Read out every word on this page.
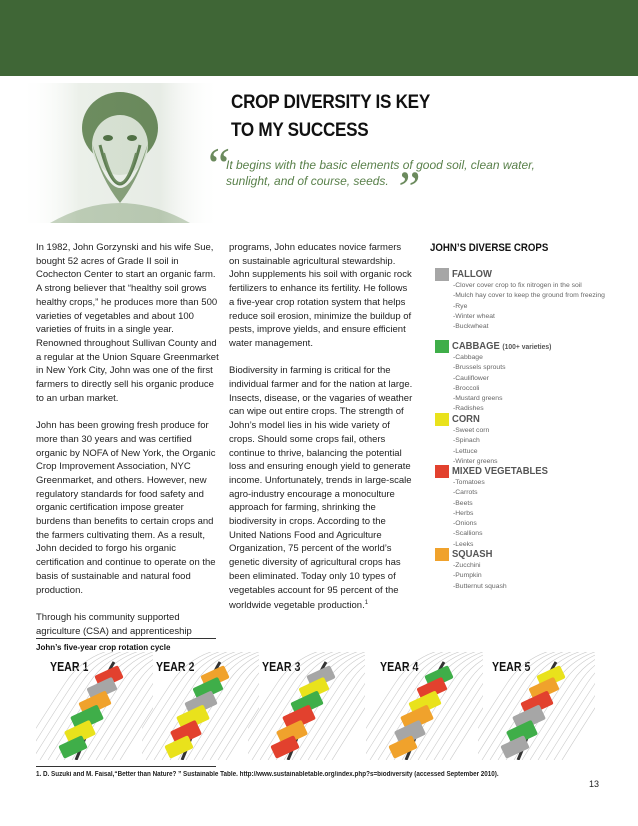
CROP DIVERSITY IS KEY
TO MY SUCCESS
“
It begins with the basic elements of good soil, clean water, sunlight, and of course, seeds. ”

In 1982, John Gorzynski and his wife Sue, bought 52 acres of Grade II soil in Cochecton Center to start an organic farm. A strong believer that “healthy soil grows healthy crops,” he produces more than 500 varieties of vegetables and about 100 varieties of fruits in a single year. Renowned throughout Sullivan County and a regular at the Union Square Greenmarket in New York City, John was one of the first farmers to directly sell his organic produce to an urban market.

John has been growing fresh produce for more than 30 years and was certified organic by NOFA of New York, the Organic Crop Improvement Association, NYC Greenmarket, and others. However, new regulatory standards for food safety and organic certification impose greater burdens than benefits to certain crops and the farmers cultivating them. As a result, John decided to forgo his organic certification and continue to operate on the basis of sustainable and natural food production.

Through his community supported agriculture (CSA) and apprenticeship

programs, John educates novice farmers on sustainable agricultural stewardship. John supplements his soil with organic rock fertilizers to enhance its fertility. He follows a five-year crop rotation system that helps reduce soil erosion, minimize the buildup of pests, improve yields, and ensure efficient water management.

Biodiversity in farming is critical for the individual farmer and for the nation at large. Insects, disease, or the vagaries of weather can wipe out entire crops. The strength of John’s model lies in his wide variety of crops. Should some crops fail, others continue to thrive, balancing the potential loss and ensuring enough yield to generate income. Unfortunately, trends in large-scale agro-industry encourage a monoculture approach for farming, shrinking the biodiversity in crops. According to the United Nations Food and Agriculture Organization, 75 percent of the world’s genetic diversity of agricultural crops has been eliminated. Today only 10 types of vegetables account for 95 percent of the worldwide vegetable production.$^1$

JOHN’S DIVERSE CROPS
FALLOW
-Clover cover crop to fix nitrogen in the soil
-Mulch hay cover to keep the ground from freezing
-Rye
-Winter wheat
-Buckwheat
CABBAGE (100+ varieties)
-Cabbage
-Brussels sprouts
-Cauliflower
-Broccoli
-Mustard greens
-Radishes
CORN
-Sweet corn
-Spinach
-Lettuce
-Winter greens
MIXED VEGETABLES
-Tomatoes
-Carrots
-Beets
-Herbs
-Onions
-Scallions
-Leeks
SQUASH
-Zucchini
-Pumpkin
-Butternut squash
John’s five-year crop rotation cycle
YEAR 1	YEAR 2	YEAR 3	YEAR 4	YEAR 5
1. D. Suzuki and M. Faisal,“Better than Nature? ” Sustainable Table. http://www.sustainabletable.org/index.php?s=biodiversity (accessed September 2010).
13
